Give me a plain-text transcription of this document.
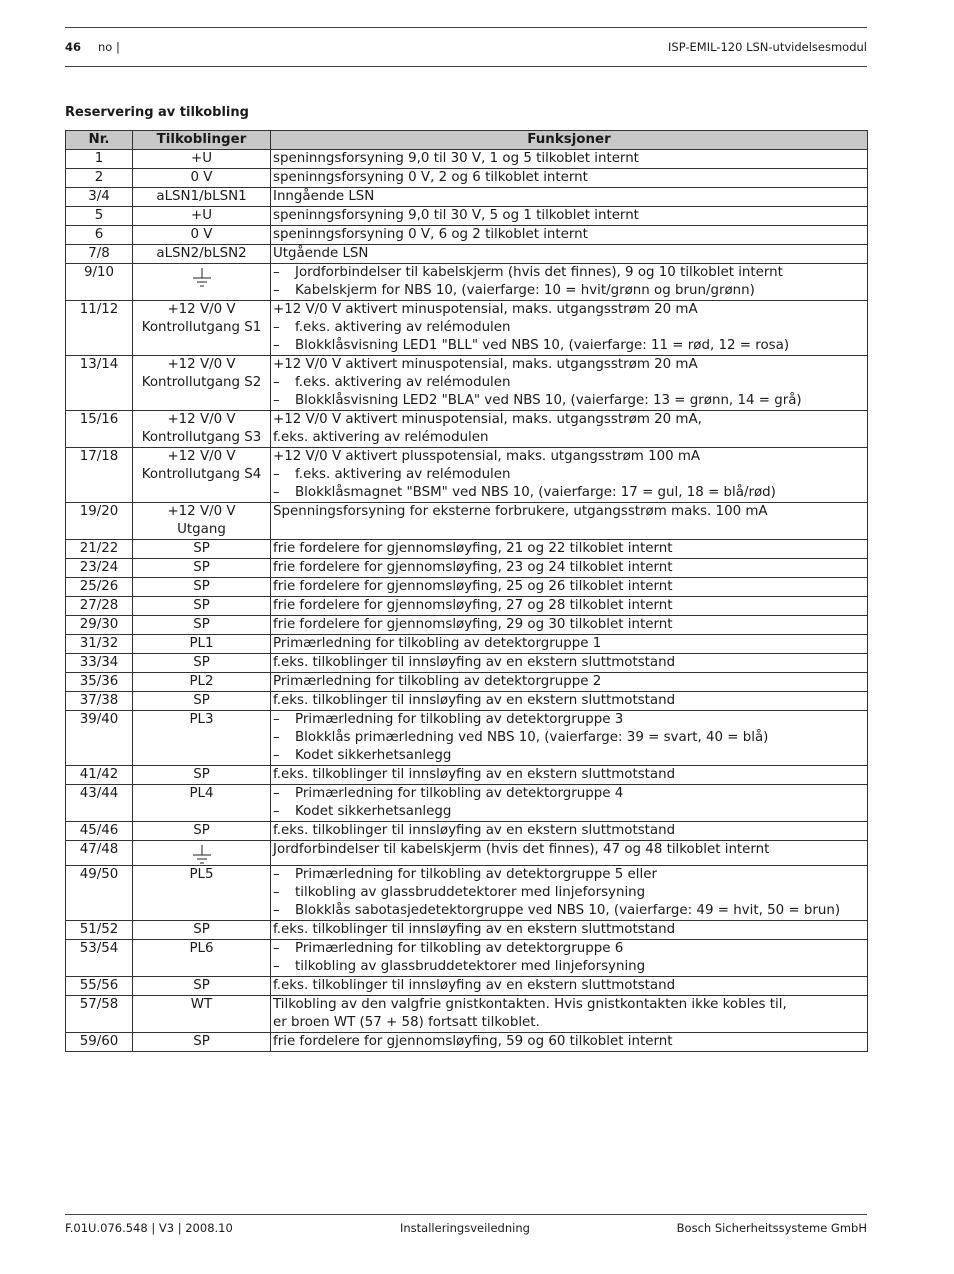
46 no |	ISP-EMIL-120 LSN-utvidelsesmodul
Reservering av tilkobling
Nr.	Tilkoblinger	Funksjoner
1	+U	speninngsforsyning 9,0 til 30 V, 1 og 5 tilkoblet internt

2	0 V	speninngsforsyning 0 V, 2 og 6 tilkoblet internt

3/4	aLSN1/bLSN1	Inngående LSN

5	+U	speninngsforsyning 9,0 til 30 V, 5 og 1 tilkoblet internt

6	0 V	speninngsforsyning 0 V, 6 og 2 tilkoblet internt

7/8	aLSN2/bLSN2	Utgående LSN

9/10		– Jordforbindelser til kabelskjerm (hvis det finnes), 9 og 10 tilkoblet internt
– Kabelskjerm for NBS 10, (vaierfarge: 10 = hvit/grønn og brun/grønn)

11/12	+12 V/0 V
Kontrollutgang S1	+12 V/0 V aktivert minuspotensial, maks. utgangsstrøm 20 mA
– f.eks. aktivering av relémodulen
– Blokklåsvisning LED1 "BLL" ved NBS 10, (vaierfarge: 11 = rød, 12 = rosa)

13/14	+12 V/0 V
Kontrollutgang S2	+12 V/0 V aktivert minuspotensial, maks. utgangsstrøm 20 mA
– f.eks. aktivering av relémodulen
– Blokklåsvisning LED2 "BLA" ved NBS 10, (vaierfarge: 13 = grønn, 14 = grå)

15/16	+12 V/0 V
Kontrollutgang S3	+12 V/0 V aktivert minuspotensial, maks. utgangsstrøm 20 mA,
f.eks. aktivering av relémodulen

17/18	+12 V/0 V
Kontrollutgang S4	+12 V/0 V aktivert plusspotensial, maks. utgangsstrøm 100 mA
– f.eks. aktivering av relémodulen
– Blokklåsmagnet "BSM" ved NBS 10, (vaierfarge: 17 = gul, 18 = blå/rød)

19/20	+12 V/0 V
Utgang	Spenningsforsyning for eksterne forbrukere, utgangsstrøm maks. 100 mA

21/22	SP	frie fordelere for gjennomsløyfing, 21 og 22 tilkoblet internt

23/24	SP	frie fordelere for gjennomsløyfing, 23 og 24 tilkoblet internt

25/26	SP	frie fordelere for gjennomsløyfing, 25 og 26 tilkoblet internt

27/28	SP	frie fordelere for gjennomsløyfing, 27 og 28 tilkoblet internt

29/30	SP	frie fordelere for gjennomsløyfing, 29 og 30 tilkoblet internt

31/32	PL1	Primærledning for tilkobling av detektorgruppe 1

33/34	SP	f.eks. tilkoblinger til innsløyfing av en ekstern sluttmotstand

35/36	PL2	Primærledning for tilkobling av detektorgruppe 2

37/38	SP	f.eks. tilkoblinger til innsløyfing av en ekstern sluttmotstand

39/40	PL3	– Primærledning for tilkobling av detektorgruppe 3
– Blokklås primærledning ved NBS 10, (vaierfarge: 39 = svart, 40 = blå)
– Kodet sikkerhetsanlegg

41/42	SP	f.eks. tilkoblinger til innsløyfing av en ekstern sluttmotstand

43/44	PL4	– Primærledning for tilkobling av detektorgruppe 4
– Kodet sikkerhetsanlegg

45/46	SP	f.eks. tilkoblinger til innsløyfing av en ekstern sluttmotstand

47/48		Jordforbindelser til kabelskjerm (hvis det finnes), 47 og 48 tilkoblet internt

49/50	PL5	– Primærledning for tilkobling av detektorgruppe 5 eller
– tilkobling av glassbruddetektorer med linjeforsyning
– Blokklås sabotasjedetektorgruppe ved NBS 10, (vaierfarge: 49 = hvit, 50 = brun)

51/52	SP	f.eks. tilkoblinger til innsløyfing av en ekstern sluttmotstand

53/54	PL6	– Primærledning for tilkobling av detektorgruppe 6
– tilkobling av glassbruddetektorer med linjeforsyning

55/56	SP	f.eks. tilkoblinger til innsløyfing av en ekstern sluttmotstand

57/58	WT	Tilkobling av den valgfrie gnistkontakten. Hvis gnistkontakten ikke kobles til,
er broen WT (57 + 58) fortsatt tilkoblet.

59/60	SP	frie fordelere for gjennomsløyfing, 59 og 60 tilkoblet internt
F.01U.076.548 | V3 | 2008.10	Installeringsveiledning	Bosch Sicherheitssysteme GmbH
